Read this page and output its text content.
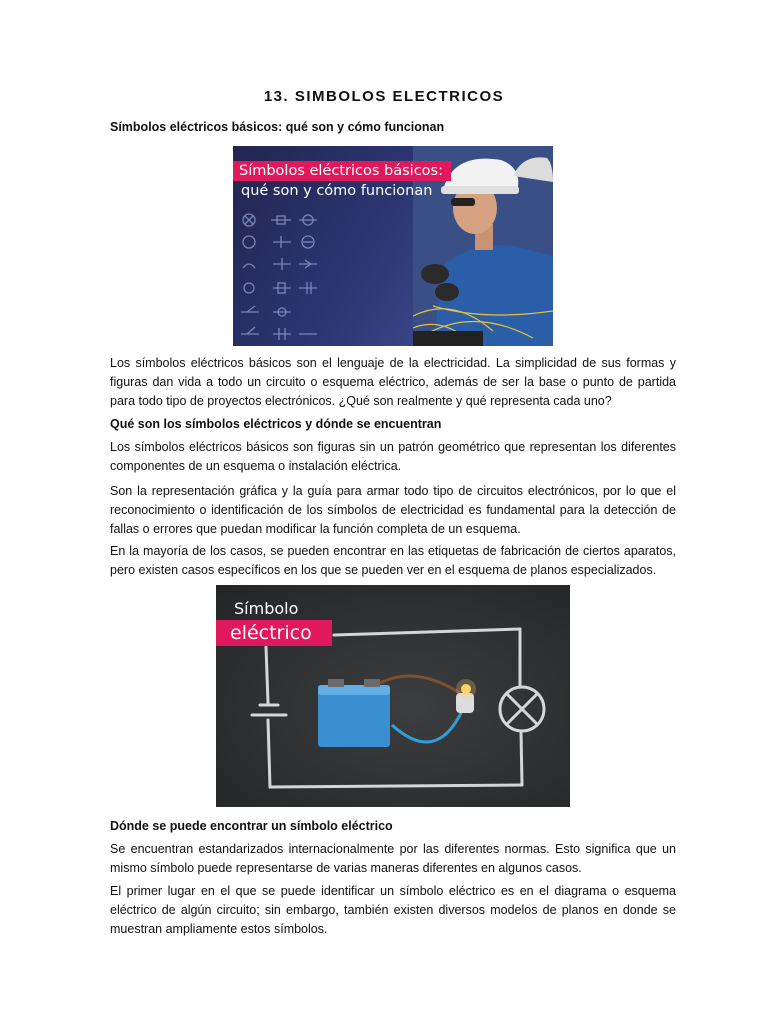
13. SIMBOLOS ELECTRICOS
Símbolos eléctricos básicos: qué son y cómo funcionan
Símbolos eléctricos básicos:
qué son y cómo funcionan
Los símbolos eléctricos básicos son el lenguaje de la electricidad. La simplicidad de sus formas y figuras dan vida a todo un circuito o esquema eléctrico, además de ser la base o punto de partida para todo tipo de proyectos electrónicos. ¿Qué son realmente y qué representa cada uno?
Qué son los símbolos eléctricos y dónde se encuentran
Los símbolos eléctricos básicos son figuras sin un patrón geométrico que representan los diferentes componentes de un esquema o instalación eléctrica.
Son la representación gráfica y la guía para armar todo tipo de circuitos electrónicos, por lo que el reconocimiento o identificación de los símbolos de electricidad es fundamental para la detección de fallas o errores que puedan modificar la función completa de un esquema.
En la mayoría de los casos, se pueden encontrar en las etiquetas de fabricación de ciertos aparatos, pero existen casos específicos en los que se pueden ver en el esquema de planos especializados.
Símbolo
eléctrico
Dónde se puede encontrar un símbolo eléctrico
Se encuentran estandarizados internacionalmente por las diferentes normas. Esto significa que un mismo símbolo puede representarse de varias maneras diferentes en algunos casos.
El primer lugar en el que se puede identificar un símbolo eléctrico es en el diagrama o esquema eléctrico de algún circuito; sin embargo, también existen diversos modelos de planos en donde se muestran ampliamente estos símbolos.
